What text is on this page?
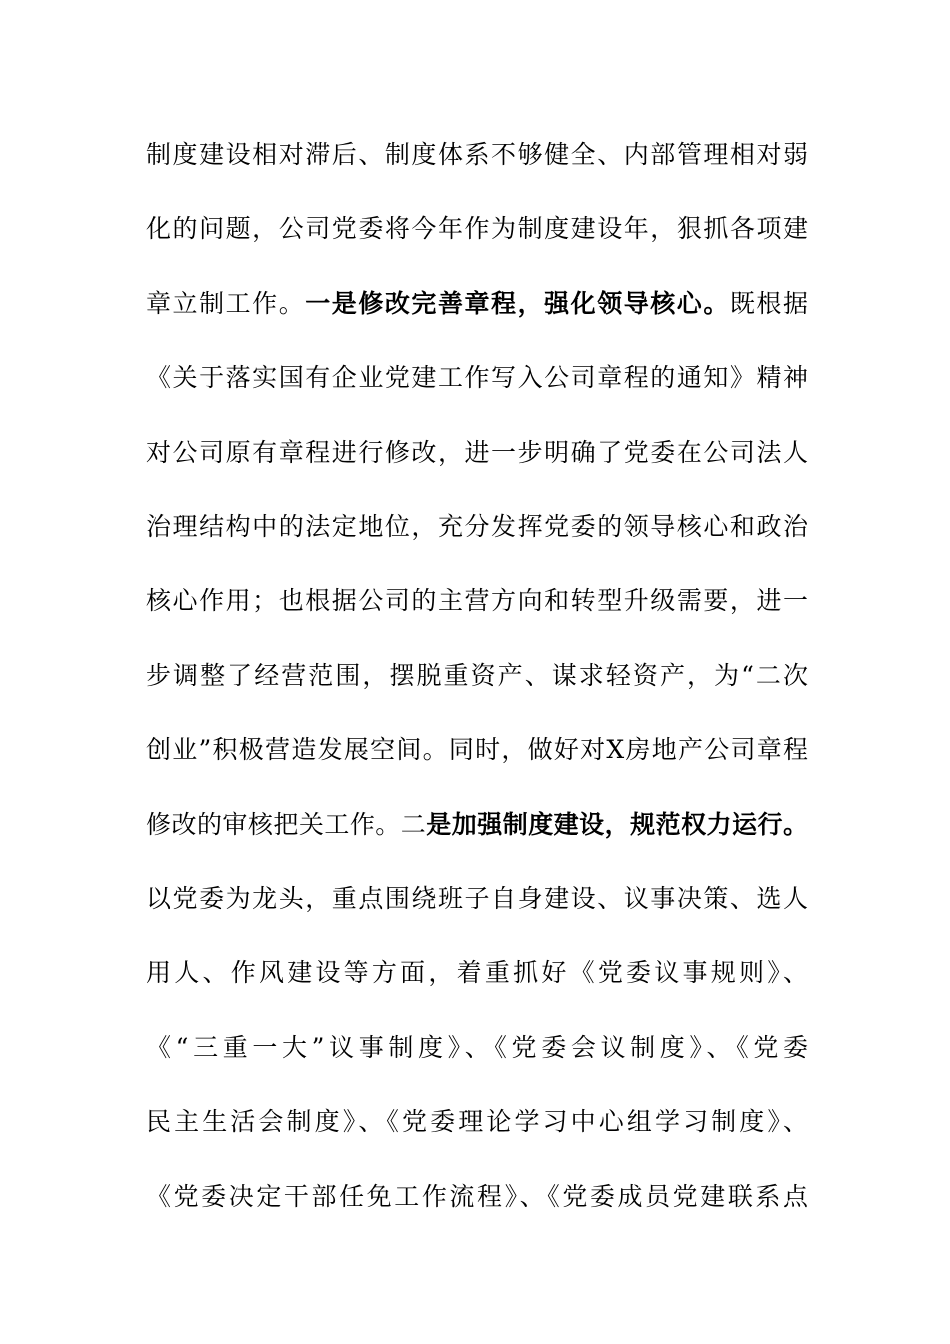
制度建设相对滞后、制度体系不够健全、内部管理相对弱
化的问题，公司党委将今年作为制度建设年，狠抓各项建
章立制工作。一是修改完善章程，强化领导核心。既根据
《关于落实国有企业党建工作写入公司章程的通知》精神
对公司原有章程进行修改，进一步明确了党委在公司法人
治理结构中的法定地位，充分发挥党委的领导核心和政治
核心作用；也根据公司的主营方向和转型升级需要，进一
步调整了经营范围，摆脱重资产、谋求轻资产，为“二次
创业”积极营造发展空间。同时，做好对X房地产公司章程
修改的审核把关工作。二是加强制度建设，规范权力运行。
以党委为龙头，重点围绕班子自身建设、议事决策、选人
用人、作风建设等方面，着重抓好《党委议事规则》、
《“三重一大”议事制度》、《党委会议制度》、《党委
民主生活会制度》、《党委理论学习中心组学习制度》、
《党委决定干部任免工作流程》、《党委成员党建联系点
